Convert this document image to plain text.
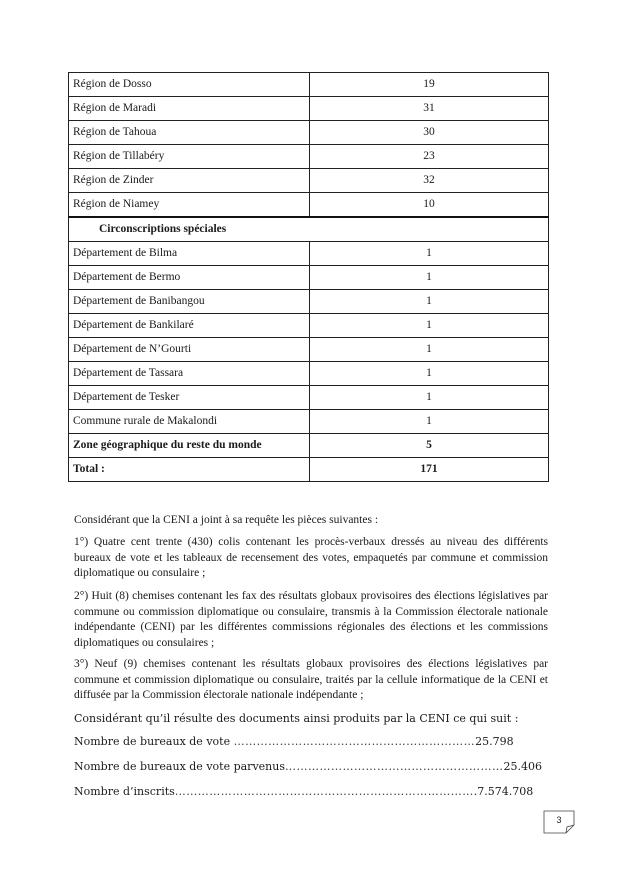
Région de Dosso	19
Région de Maradi	31
Région de Tahoua	30
Région de Tillabéry	23
Région de Zinder	32
Région de Niamey	10
Circonscriptions spéciales	
Département de Bilma	1
Département de Bermo	1
Département de Banibangou	1
Département de Bankilaré	1
Département de N’Gourti	1
Département de Tassara	1
Département de Tesker	1
Commune rurale de Makalondi	1
Zone géographique du reste du monde	5
Total :	171
Considérant que la CENI a joint à sa requête les pièces suivantes :
1°) Quatre cent trente (430) colis contenant les procès-verbaux dressés au niveau des différents bureaux de vote et les tableaux de recensement des votes, empaquetés par commune et commission diplomatique ou consulaire ;
2°) Huit (8) chemises contenant les fax des résultats globaux provisoires des élections législatives par commune ou commission diplomatique ou consulaire, transmis à la Commission électorale nationale indépendante (CENI) par les différentes commissions régionales des élections et les commissions diplomatiques ou consulaires ;
3°) Neuf (9) chemises contenant les résultats globaux provisoires des élections législatives par commune et commission diplomatique ou consulaire, traités par la cellule informatique de la CENI et diffusée par la Commission électorale nationale indépendante ;
Considérant qu’il résulte des documents ainsi produits par la CENI ce qui suit :
Nombre de bureaux de vote ………………………………………………………25.798
Nombre de bureaux de vote parvenus…………………………………………………25.406
Nombre d’inscrits…………………………………………………………………….7.574.708
3
